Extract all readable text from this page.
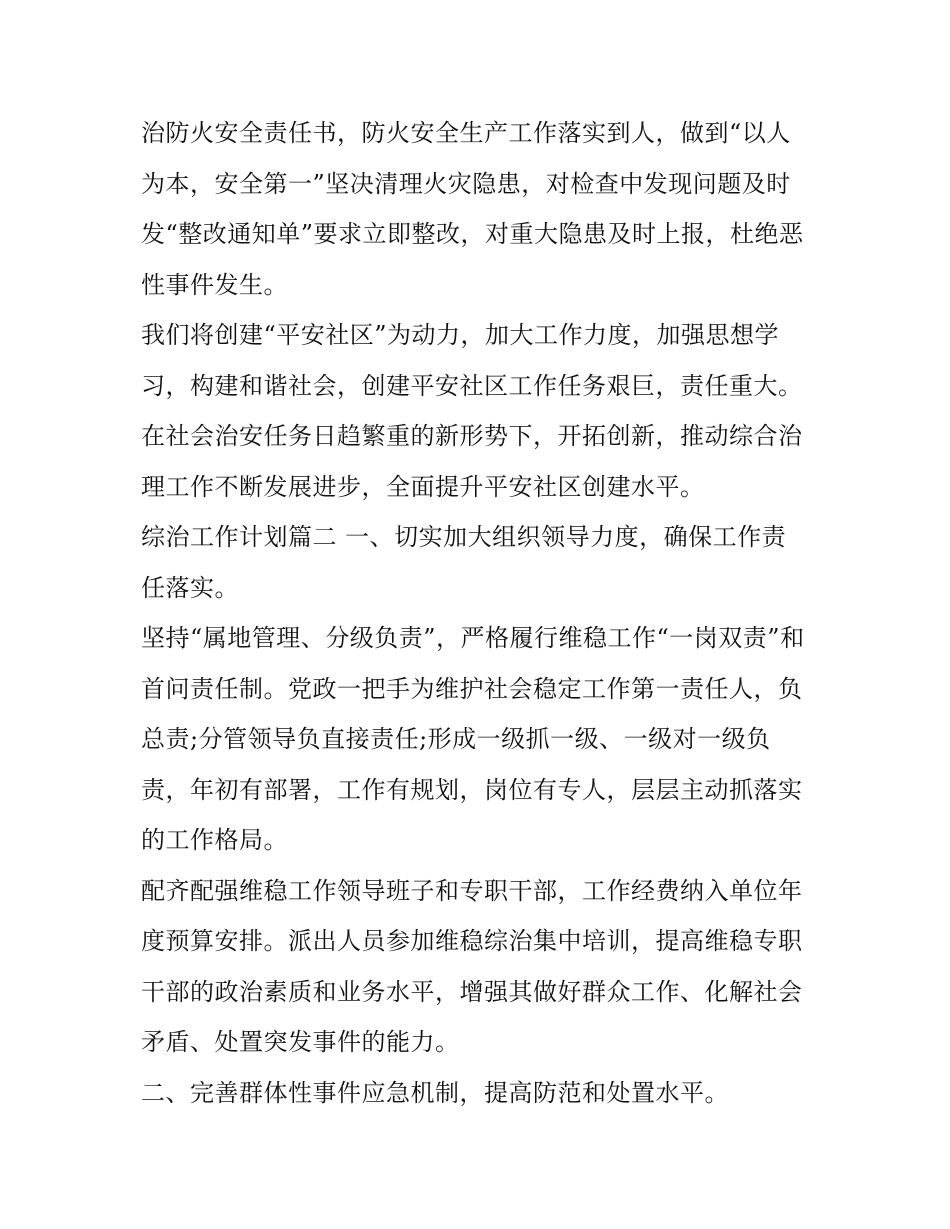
治防火安全责任书，防火安全生产工作落实到人，做到“以人
为本，安全第一”坚决清理火灾隐患，对检查中发现问题及时
发“整改通知单”要求立即整改，对重大隐患及时上报，杜绝恶
性事件发生。
我们将创建“平安社区”为动力，加大工作力度，加强思想学
习，构建和谐社会，创建平安社区工作任务艰巨，责任重大。
在社会治安任务日趋繁重的新形势下，开拓创新，推动综合治
理工作不断发展进步，全面提升平安社区创建水平。
综治工作计划篇二 一、切实加大组织领导力度，确保工作责
任落实。
坚持“属地管理、分级负责”，严格履行维稳工作“一岗双责”和
首问责任制。党政一把手为维护社会稳定工作第一责任人，负
总责;分管领导负直接责任;形成一级抓一级、一级对一级负
责，年初有部署，工作有规划，岗位有专人，层层主动抓落实
的工作格局。
配齐配强维稳工作领导班子和专职干部，工作经费纳入单位年
度预算安排。派出人员参加维稳综治集中培训，提高维稳专职
干部的政治素质和业务水平，增强其做好群众工作、化解社会
矛盾、处置突发事件的能力。
二、完善群体性事件应急机制，提高防范和处置水平。
